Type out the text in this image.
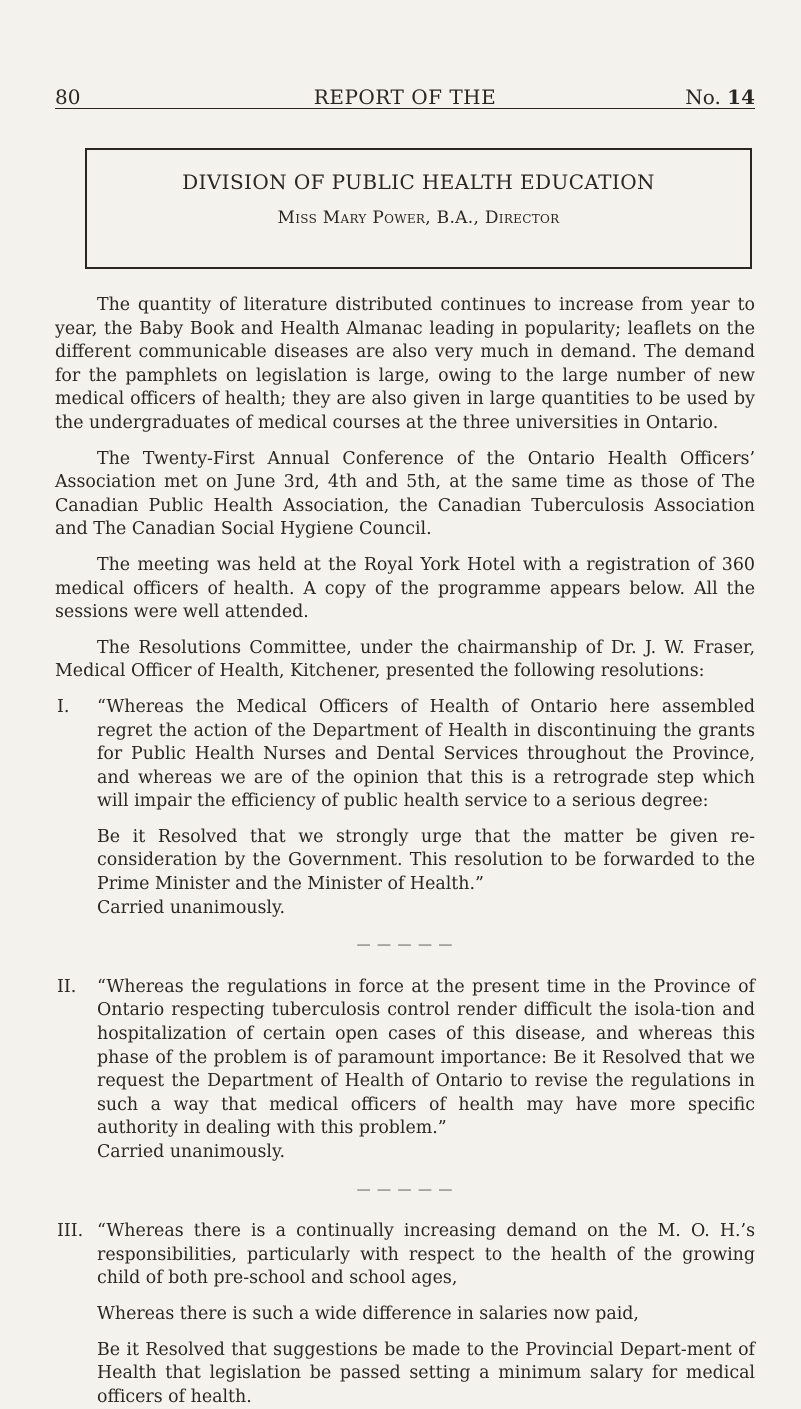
80	REPORT OF THE	No. 14
DIVISION OF PUBLIC HEALTH EDUCATION
Miss Mary Power, B.A., Director

The quantity of literature distributed continues to increase from year to year, the Baby Book and Health Almanac leading in popularity; leaflets on the different communicable diseases are also very much in demand. The demand for the pamphlets on legislation is large, owing to the large number of new medical officers of health; they are also given in large quantities to be used by the undergraduates of medical courses at the three universities in Ontario.

The Twenty-First Annual Conference of the Ontario Health Officers’ Association met on June 3rd, 4th and 5th, at the same time as those of The Canadian Public Health Association, the Canadian Tuberculosis Association and The Canadian Social Hygiene Council.

The meeting was held at the Royal York Hotel with a registration of 360 medical officers of health. A copy of the programme appears below. All the sessions were well attended.

The Resolutions Committee, under the chairmanship of Dr. J. W. Fraser, Medical Officer of Health, Kitchener, presented the following resolutions:

I. “Whereas the Medical Officers of Health of Ontario here assembled regret the action of the Department of Health in discontinuing the grants for Public Health Nurses and Dental Services throughout the Province, and whereas we are of the opinion that this is a retrograde step which will impair the efficiency of public health service to a serious degree:

Be it Resolved that we strongly urge that the matter be given re-consideration by the Government. This resolution to be forwarded to the Prime Minister and the Minister of Health.”

Carried unanimously.

— — — — —
II. “Whereas the regulations in force at the present time in the Province of Ontario respecting tuberculosis control render difficult the isola-tion and hospitalization of certain open cases of this disease, and whereas this phase of the problem is of paramount importance: Be it Resolved that we request the Department of Health of Ontario to revise the regulations in such a way that medical officers of health may have more specific authority in dealing with this problem.”

Carried unanimously.

— — — — —
III. “Whereas there is a continually increasing demand on the M. O. H.’s responsibilities, particularly with respect to the health of the growing child of both pre-school and school ages,

Whereas there is such a wide difference in salaries now paid,

Be it Resolved that suggestions be made to the Provincial Depart-ment of Health that legislation be passed setting a minimum salary for medical officers of health.
